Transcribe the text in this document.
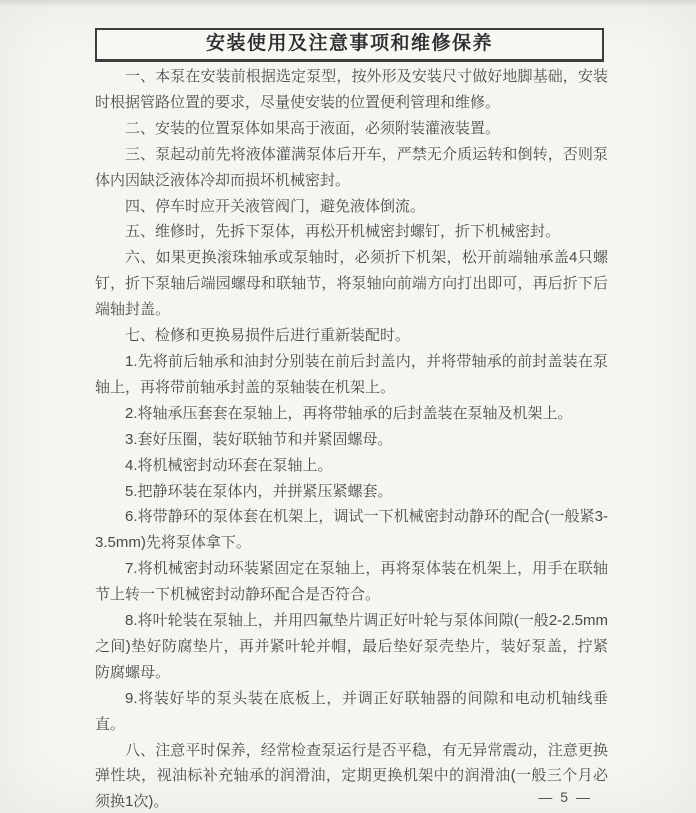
安装使用及注意事项和维修保养

一、本泵在安装前根据选定泵型，按外形及安装尺寸做好地脚基础，安装时根据管路位置的要求，尽量使安装的位置便利管理和维修。

二、安装的位置泵体如果高于液面，必须附装灌液装置。

三、泵起动前先将液体灌满泵体后开车，严禁无介质运转和倒转，否则泵体内因缺泛液体冷却而损坏机械密封。

四、停车时应开关液管阀门，避免液体倒流。

五、维修时，先拆下泵体，再松开机械密封螺钉，折下机械密封。

六、如果更换滚珠轴承或泵轴时，必须折下机架，松开前端轴承盖4只螺钉，折下泵轴后端园螺母和联轴节，将泵轴向前端方向打出即可，再后折下后端轴封盖。

七、检修和更换易损件后进行重新装配时。

1.先将前后轴承和油封分别装在前后封盖内，并将带轴承的前封盖装在泵轴上，再将带前轴承封盖的泵轴装在机架上。

2.将轴承压套套在泵轴上，再将带轴承的后封盖装在泵轴及机架上。

3.套好压圈，装好联轴节和并紧固螺母。

4.将机械密封动环套在泵轴上。

5.把静环装在泵体内，并拼紧压紧螺套。

6.将带静环的泵体套在机架上，调试一下机械密封动静环的配合(一般紧3-3.5mm)先将泵体拿下。

7.将机械密封动环装紧固定在泵轴上，再将泵体装在机架上，用手在联轴节上转一下机械密封动静环配合是否符合。

8.将叶轮装在泵轴上，并用四氟垫片调正好叶轮与泵体间隙(一般2-2.5mm之间)垫好防腐垫片，再并紧叶轮并帽，最后垫好泵壳垫片，装好泵盖，拧紧防腐螺母。

9.将装好毕的泵头装在底板上，并调正好联轴器的间隙和电动机轴线垂直。

八、注意平时保养，经常检查泵运行是否平稳，有无异常震动，注意更换弹性块，视油标补充轴承的润滑油，定期更换机架中的润滑油(一般三个月必须换1次)。	— 5 —
